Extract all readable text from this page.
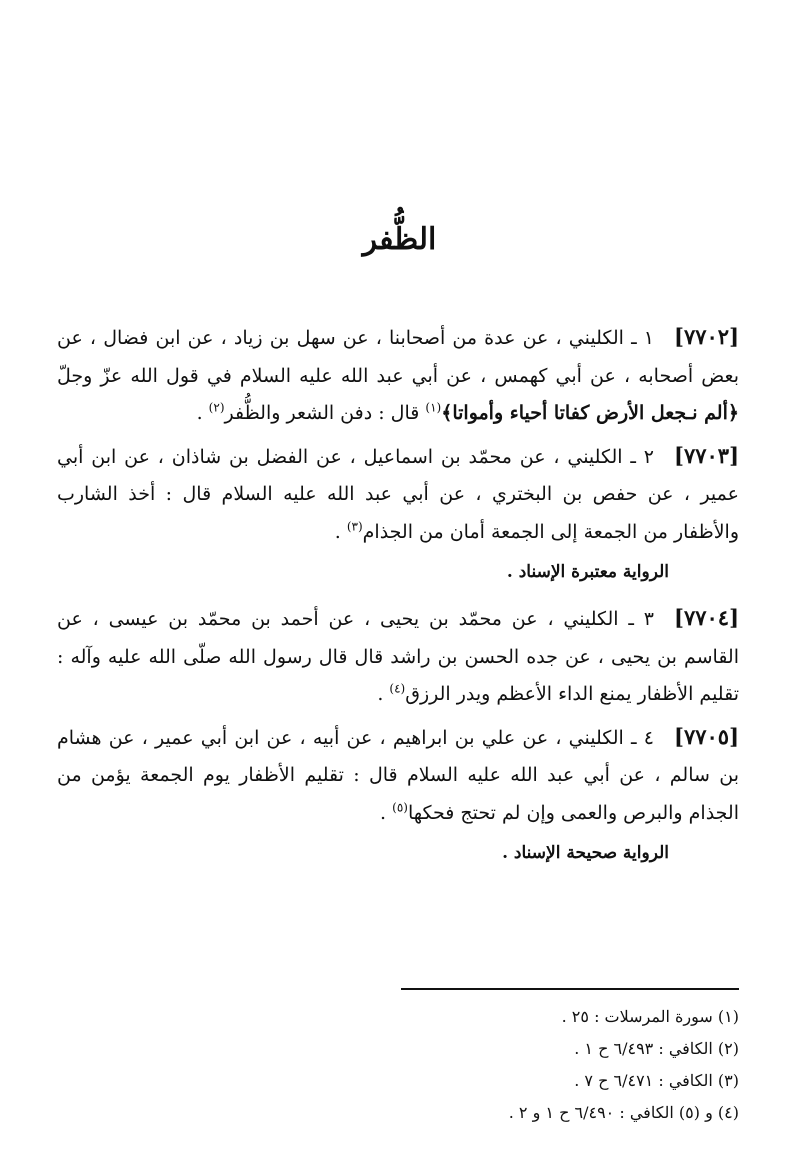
الظُّفر

[٧٧٠٢]١ ـ الكليني ، عن عدة من أصحابنا ، عن سهل بن زياد ، عن ابن فضال ، عن بعض أصحابه ، عن أبي كهمس ، عن أبي عبد الله عليه السلام في قول الله عزّ وجلّ ﴿ألم نـجعل الأرض كفاتا أحياء وأمواتا﴾$^{(١)}$ قال : دفن الشعر والظُّفر$^{(٢)}$ .

[٧٧٠٣]٢ ـ الكليني ، عن محمّد بن اسماعيل ، عن الفضل بن شاذان ، عن ابن أبي عمير ، عن حفص بن البختري ، عن أبي عبد الله عليه السلام قال : أخذ الشارب والأظفار من الجمعة إلى الجمعة أمان من الجذام$^{(٣)}$ .

الرواية معتبرة الإسناد .

[٧٧٠٤]٣ ـ الكليني ، عن محمّد بن يحيى ، عن أحمد بن محمّد بن عيسى ، عن القاسم بن يحيى ، عن جده الحسن بن راشد قال قال رسول الله صلّى الله عليه وآله : تقليم الأظفار يمنع الداء الأعظم ويدر الرزق$^{(٤)}$ .

[٧٧٠٥]٤ ـ الكليني ، عن علي بن ابراهيم ، عن أبيه ، عن ابن أبي عمير ، عن هشام بن سالم ، عن أبي عبد الله عليه السلام قال : تقليم الأظفار يوم الجمعة يؤمن من الجذام والبرص والعمى وإن لم تحتج فحكها$^{(٥)}$ .

الرواية صحيحة الإسناد .

(١) سورة المرسلات : ٢٥ .

(٢) الكافي : ٦/٤٩٣ ح ١ .

(٣) الكافي : ٦/٤٧١ ح ٧ .

(٤) و (٥) الكافي : ٦/٤٩٠ ح ١ و ٢ .
